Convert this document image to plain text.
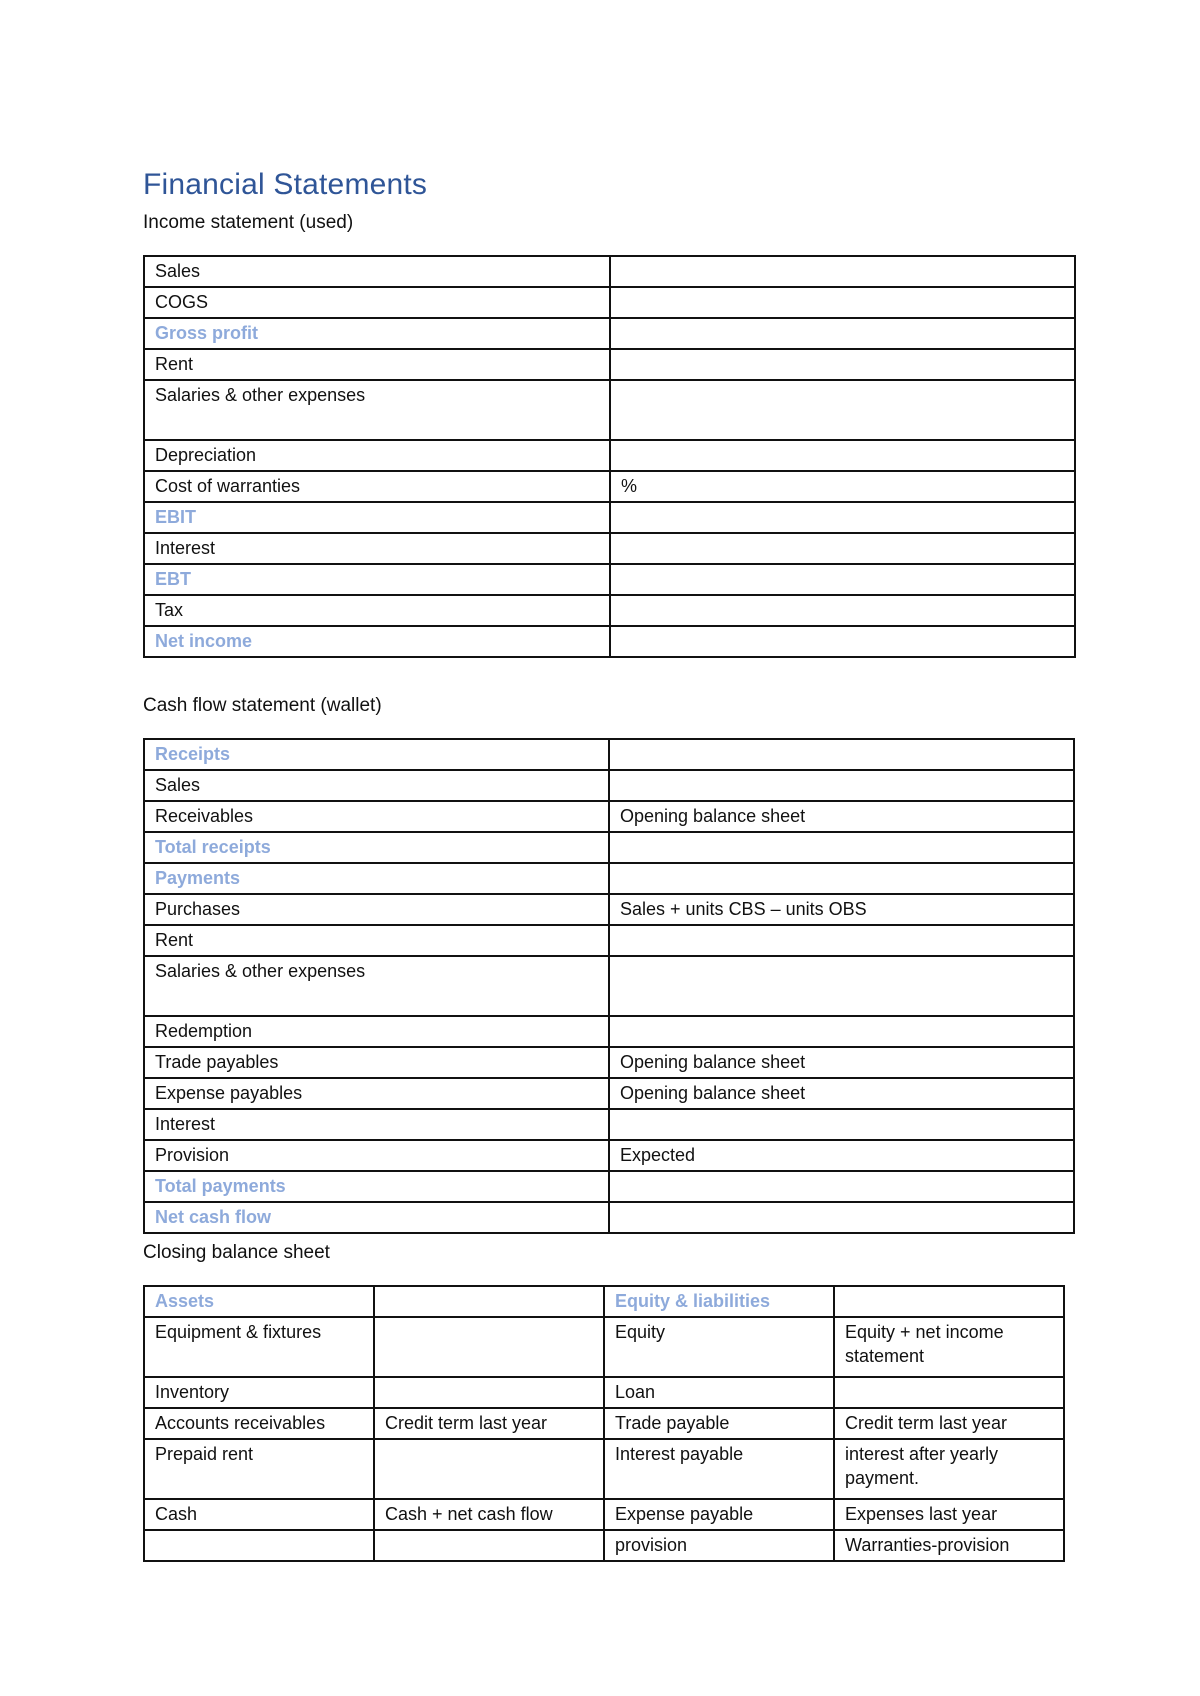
Financial Statements
Income statement (used)
Sales	
COGS	
Gross profit	
Rent	
Salaries & other expenses	
Depreciation	
Cost of warranties	%
EBIT	
Interest	
EBT	
Tax	
Net income	
Cash flow statement (wallet)
Receipts	
Sales	
Receivables	Opening balance sheet
Total receipts	
Payments	
Purchases	Sales + units CBS – units OBS
Rent	
Salaries & other expenses	
Redemption	
Trade payables	Opening balance sheet
Expense payables	Opening balance sheet
Interest	
Provision	Expected
Total payments	
Net cash flow	
Closing balance sheet
Assets		Equity & liabilities	
Equipment & fixtures		Equity	Equity + net income statement
Inventory		Loan	
Accounts receivables	Credit term last year	Trade payable	Credit term last year
Prepaid rent		Interest payable	interest after yearly payment.
Cash	Cash + net cash flow	Expense payable	Expenses last year
		provision	Warranties-provision
